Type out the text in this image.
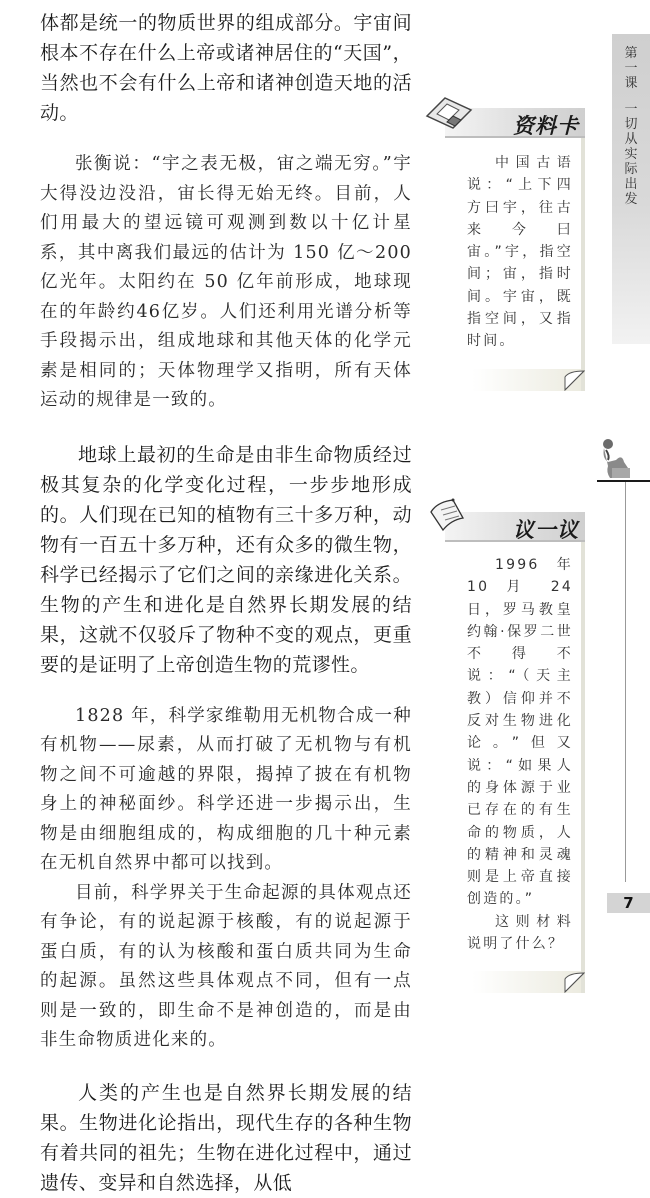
体都是统一的物质世界的组成部分。宇宙间根本不存在什么上帝或诸神居住的“天国”，当然也不会有什么上帝和诸神创造天地的活动。

张衡说：“宇之表无极，宙之端无穷。”宇大得没边没沿，宙长得无始无终。目前，人们用最大的望远镜可观测到数以十亿计星系，其中离我们最远的估计为 150 亿～200 亿光年。太阳约在 50 亿年前形成，地球现在的年龄约46亿岁。人们还利用光谱分析等手段揭示出，组成地球和其他天体的化学元素是相同的；天体物理学又指明，所有天体运动的规律是一致的。

地球上最初的生命是由非生命物质经过极其复杂的化学变化过程，一步步地形成的。人们现在已知的植物有三十多万种，动物有一百五十多万种，还有众多的微生物，科学已经揭示了它们之间的亲缘进化关系。生物的产生和进化是自然界长期发展的结果，这就不仅驳斥了物种不变的观点，更重要的是证明了上帝创造生物的荒谬性。

1828 年，科学家维勒用无机物合成一种有机物——尿素，从而打破了无机物与有机物之间不可逾越的界限，揭掉了披在有机物身上的神秘面纱。科学还进一步揭示出，生物是由细胞组成的，构成细胞的几十种元素在无机自然界中都可以找到。

目前，科学界关于生命起源的具体观点还有争论，有的说起源于核酸，有的说起源于蛋白质，有的认为核酸和蛋白质共同为生命的起源。虽然这些具体观点不同，但有一点则是一致的，即生命不是神创造的，而是由非生命物质进化来的。

人类的产生也是自然界长期发展的结果。生物进化论指出，现代生存的各种生物有着共同的祖先；生物在进化过程中，通过遗传、变异和自然选择，从低

第一课
一切从实际出发
资料卡

中国古语说：“上下四方曰宇，往古来今曰宙。”宇，指空间；宙，指时间。宇宙，既指空间，又指时间。

议一议

1996 年 10 月 24日，罗马教皇约翰·保罗二世不得不说：“（天主教）信仰并不反对生物进化论。”但又说：“如果人的身体源于业已存在的有生命的物质，人的精神和灵魂则是上帝直接创造的。”

这则材料说明了什么？

7
